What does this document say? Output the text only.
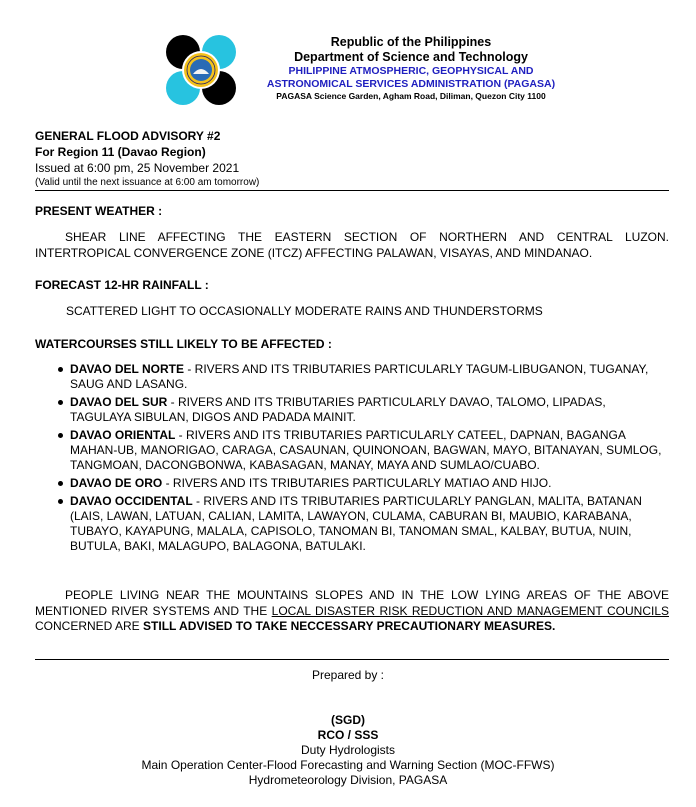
Republic of the Philippines
Department of Science and Technology
PHILIPPINE ATMOSPHERIC, GEOPHYSICAL AND
ASTRONOMICAL SERVICES ADMINISTRATION (PAGASA)
PAGASA Science Garden, Agham Road, Diliman, Quezon City 1100
GENERAL FLOOD ADVISORY #2
For Region 11 (Davao Region)
Issued at 6:00 pm, 25 November 2021
(Valid until the next issuance at 6:00 am tomorrow)
PRESENT WEATHER :
SHEAR LINE AFFECTING THE EASTERN SECTION OF NORTHERN AND CENTRAL LUZON. INTERTROPICAL CONVERGENCE ZONE (ITCZ) AFFECTING PALAWAN, VISAYAS, AND MINDANAO.
FORECAST 12-HR RAINFALL :
SCATTERED LIGHT TO OCCASIONALLY MODERATE RAINS AND THUNDERSTORMS
WATERCOURSES STILL LIKELY TO BE AFFECTED :
DAVAO DEL NORTE - RIVERS AND ITS TRIBUTARIES PARTICULARLY TAGUM-LIBUGANON, TUGANAY, SAUG AND LASANG.
DAVAO DEL SUR - RIVERS AND ITS TRIBUTARIES PARTICULARLY DAVAO, TALOMO, LIPADAS, TAGULAYA SIBULAN, DIGOS AND PADADA MAINIT.
DAVAO ORIENTAL - RIVERS AND ITS TRIBUTARIES PARTICULARLY CATEEL, DAPNAN, BAGANGA MAHAN-UB, MANORIGAO, CARAGA, CASAUNAN, QUINONOAN, BAGWAN, MAYO, BITANAYAN, SUMLOG, TANGMOAN, DACONGBONWA, KABASAGAN, MANAY, MAYA AND SUMLAO/CUABO.
DAVAO DE ORO - RIVERS AND ITS TRIBUTARIES PARTICULARLY MATIAO AND HIJO.
DAVAO OCCIDENTAL - RIVERS AND ITS TRIBUTARIES PARTICULARLY PANGLAN, MALITA, BATANAN (LAIS, LAWAN, LATUAN, CALIAN, LAMITA, LAWAYON, CULAMA, CABURAN BI, MAUBIO, KARABANA, TUBAYO, KAYAPUNG, MALALA, CAPISOLO, TANOMAN BI, TANOMAN SMAL, KALBAY, BUTUA, NUIN, BUTULA, BAKI, MALAGUPO, BALAGONA, BATULAKI.
PEOPLE LIVING NEAR THE MOUNTAINS SLOPES AND IN THE LOW LYING AREAS OF THE ABOVE MENTIONED RIVER SYSTEMS AND THE LOCAL DISASTER RISK REDUCTION AND MANAGEMENT COUNCILS CONCERNED ARE STILL ADVISED TO TAKE NECCESSARY PRECAUTIONARY MEASURES.
Prepared by :
(SGD)
RCO / SSS
Duty Hydrologists
Main Operation Center-Flood Forecasting and Warning Section (MOC-FFWS)
Hydrometeorology Division, PAGASA
